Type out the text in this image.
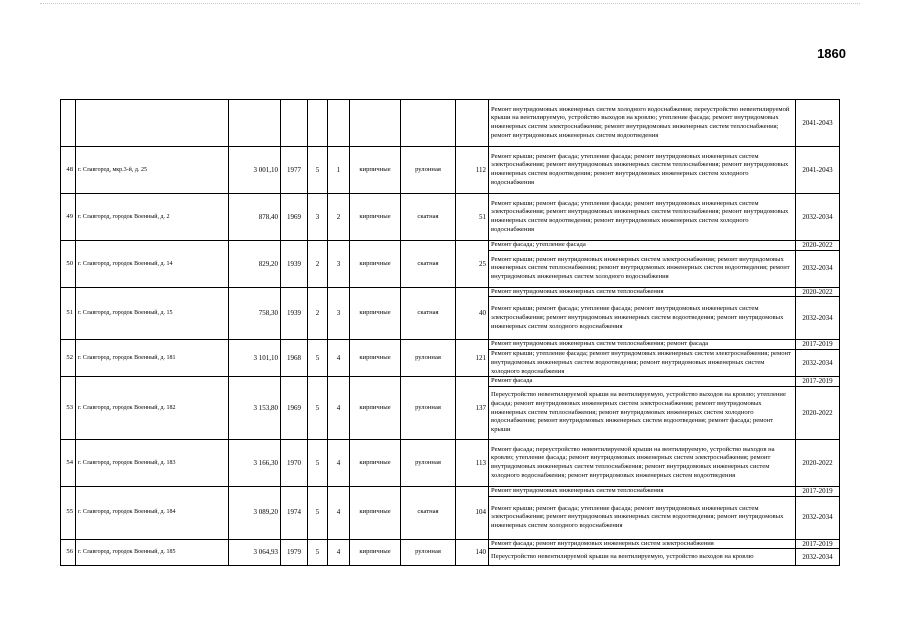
1860
									Ремонт внутридомовых инженерных систем холодного водоснабжения; переустройство невентилируемой крыши на вентилируемую, устройство выходов на кровлю; утепление фасада; ремонт внутридомовых инженерных систем электроснабжения; ремонт внутридомовых инженерных систем теплоснабжения; ремонт внутридомовых инженерных систем водоотведения	2041-2043
48	г. Славгород, мкр.3-й, д. 25	3 001,10	1977	5	1	кирпичные	рулонная	112	Ремонт крыши; ремонт фасада; утепление фасада; ремонт внутридомовых инженерных систем электроснабжения; ремонт внутридомовых инженерных систем теплоснабжения; ремонт внутридомовых инженерных систем водоотведения; ремонт внутридомовых инженерных систем холодного водоснабжения	2041-2043
49	г. Славгород, городок Военный, д. 2	878,40	1969	3	2	кирпичные	скатная	51	Ремонт крыши; ремонт фасада; утепление фасада; ремонт внутридомовых инженерных систем электроснабжения; ремонт внутридомовых инженерных систем теплоснабжения; ремонт внутридомовых инженерных систем водоотведения; ремонт внутридомовых инженерных систем холодного водоснабжения	2032-2034
50	г. Славгород, городок Военный, д. 14	829,20	1939	2	3	кирпичные	скатная	25	Ремонт фасада; утепление фасада	2020-2022
									Ремонт крыши; ремонт внутридомовых инженерных систем электроснабжения; ремонт внутридомовых инженерных систем теплоснабжения; ремонт внутридомовых инженерных систем водоотведения; ремонт внутридомовых инженерных систем холодного водоснабжения	2032-2034
51	г. Славгород, городок Военный, д. 15	758,30	1939	2	3	кирпичные	скатная	40	Ремонт внутридомовых инженерных систем теплоснабжения	2020-2022
									Ремонт крыши; ремонт фасада; утепление фасада; ремонт внутридомовых инженерных систем электроснабжения; ремонт внутридомовых инженерных систем водоотведения; ремонт внутридомовых инженерных систем холодного водоснабжения	2032-2034
52	г. Славгород, городок Военный, д. 181	3 101,10	1968	5	4	кирпичные	рулонная	121	Ремонт внутридомовых инженерных систем теплоснабжения; ремонт фасада	2017-2019
									Ремонт крыши; утепление фасада; ремонт внутридомовых инженерных систем электроснабжения; ремонт внутридомовых инженерных систем водоотведения; ремонт внутридомовых инженерных систем холодного водоснабжения	2032-2034
53	г. Славгород, городок Военный, д. 182	3 153,80	1969	5	4	кирпичные	рулонная	137	Ремонт фасада	2017-2019
									Переустройство невентилируемой крыши на вентилируемую, устройство выходов на кровлю; утепление фасада; ремонт внутридомовых инженерных систем электроснабжения; ремонт внутридомовых инженерных систем теплоснабжения; ремонт внутридомовых инженерных систем холодного водоснабжения; ремонт внутридомовых инженерных систем водоотведения; ремонт фасада; ремонт крыши	2020-2022
54	г. Славгород, городок Военный, д. 183	3 166,30	1970	5	4	кирпичные	рулонная	113	Ремонт фасада; переустройство невентилируемой крыши на вентилируемую, устройство выходов на кровлю; утепление фасада; ремонт внутридомовых инженерных систем электроснабжения; ремонт внутридомовых инженерных систем теплоснабжения; ремонт внутридомовых инженерных систем холодного водоснабжения; ремонт внутридомовых инженерных систем водоотведения	2020-2022
55	г. Славгород, городок Военный, д. 184	3 089,20	1974	5	4	кирпичные	скатная	104	Ремонт внутридомовых инженерных систем теплоснабжения	2017-2019
									Ремонт крыши; ремонт фасада; утепление фасада; ремонт внутридомовых инженерных систем электроснабжения; ремонт внутридомовых инженерных систем водоотведения; ремонт внутридомовых инженерных систем холодного водоснабжения	2032-2034
56	г. Славгород, городок Военный, д. 185	3 064,93	1979	5	4	кирпичные	рулонная	140	Ремонт фасада; ремонт внутридомовых инженерных систем электроснабжения	2017-2019
									Переустройство невентилируемой крыши на вентилируемую, устройство выходов на кровлю	2032-2034
